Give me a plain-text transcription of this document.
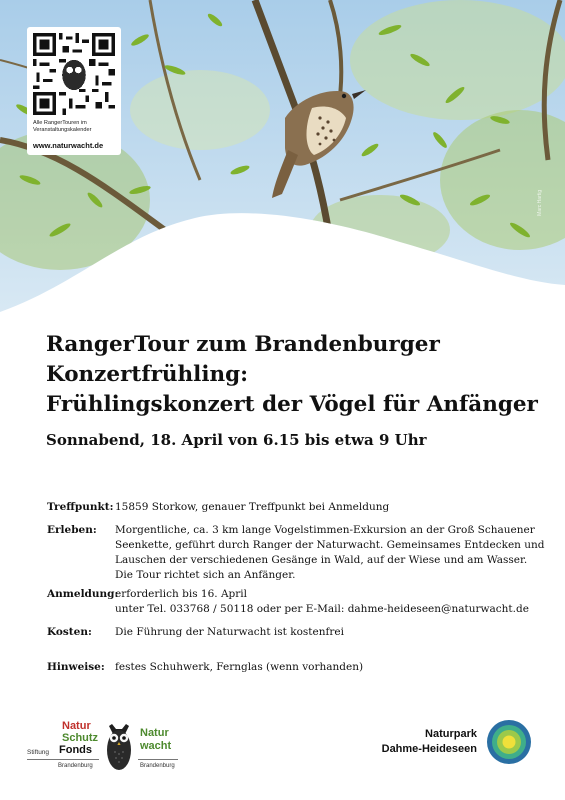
Alle RangerTouren im
Veranstaltungskalender
www.naturwacht.de
Marc Hartig
RangerTour zum Brandenburger
Konzertfrühling:
Frühlingskonzert der Vögel für Anfänger
Sonnabend, 18. April von 6.15 bis etwa 9 Uhr
Treffpunkt: 15859 Storkow, genauer Treffpunkt bei Anmeldung
Erleben: Morgentliche, ca. 3 km lange Vogelstimmen-Exkursion an der Groß Schauener
Seenkette, geführt durch Ranger der Naturwacht. Gemeinsames Entdecken und
Lauschen der verschiedenen Gesänge in Wald, auf der Wiese und am Wasser.
Die Tour richtet sich an Anfänger.
Anmeldung:
erforderlich bis 16. April
unter Tel. 033768 / 50118 oder per E-Mail: dahme-heideseen@naturwacht.de
Kosten: Die Führung der Naturwacht ist kostenfrei
Hinweise: festes Schuhwerk, Fernglas (wenn vorhanden)
Stiftung
Natur
Schutz
Fonds
Brandenburg
Natur
wacht
Brandenburg
Naturpark
Dahme-Heideseen
